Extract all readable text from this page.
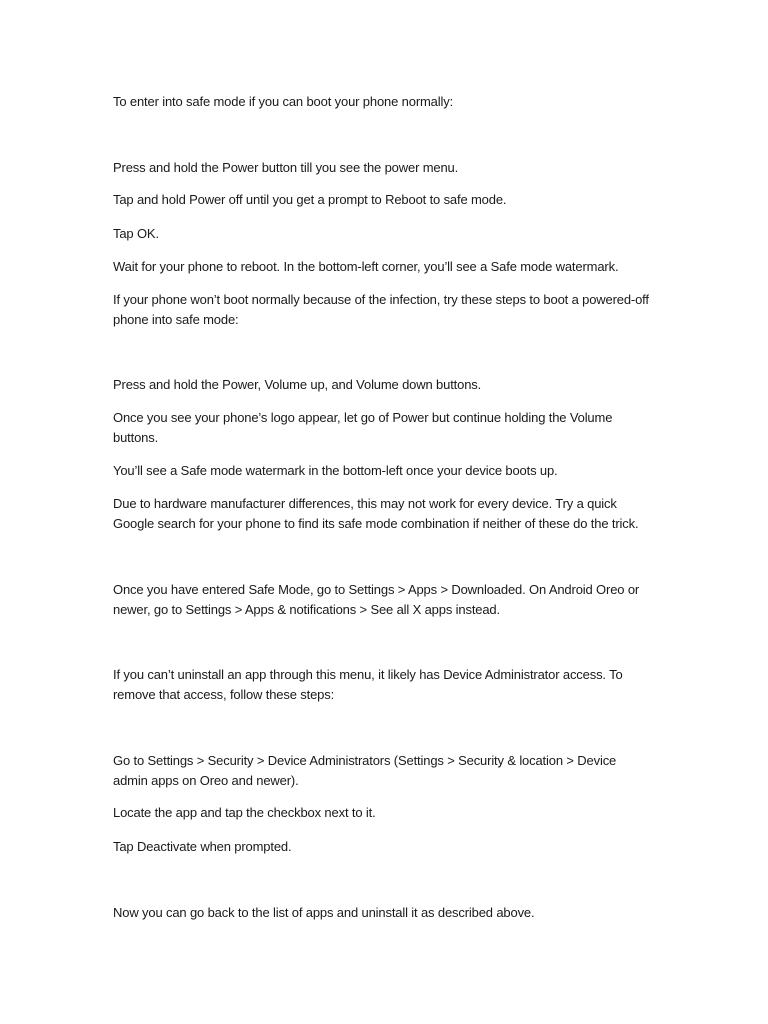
To enter into safe mode if you can boot your phone normally:

Press and hold the Power button till you see the power menu.

Tap and hold Power off until you get a prompt to Reboot to safe mode.

Tap OK.

Wait for your phone to reboot. In the bottom-left corner, you’ll see a Safe mode watermark.

If your phone won’t boot normally because of the infection, try these steps to boot a powered-off phone into safe mode:

Press and hold the Power, Volume up, and Volume down buttons.

Once you see your phone’s logo appear, let go of Power but continue holding the Volume buttons.

You’ll see a Safe mode watermark in the bottom-left once your device boots up.

Due to hardware manufacturer differences, this may not work for every device. Try a quick Google search for your phone to find its safe mode combination if neither of these do the trick.

Once you have entered Safe Mode, go to Settings > Apps > Downloaded. On Android Oreo or newer, go to Settings > Apps & notifications > See all X apps instead.

If you can’t uninstall an app through this menu, it likely has Device Administrator access. To remove that access, follow these steps:

Go to Settings > Security > Device Administrators (Settings > Security & location > Device admin apps on Oreo and newer).

Locate the app and tap the checkbox next to it.

Tap Deactivate when prompted.

Now you can go back to the list of apps and uninstall it as described above.
